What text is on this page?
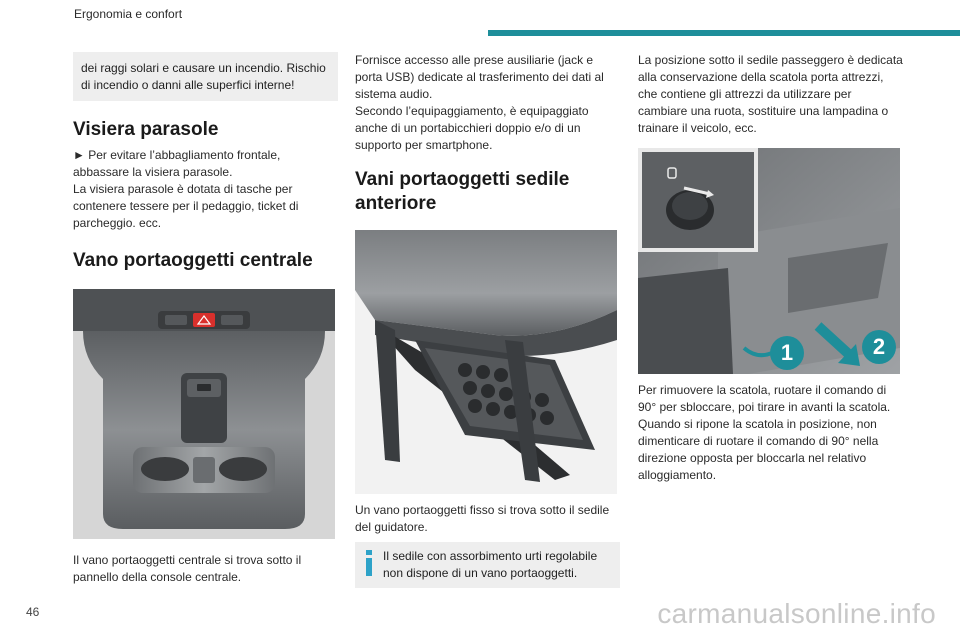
Ergonomia e confort
dei raggi solari e causare un incendio. Rischio di incendio o danni alle superfici interne!
Visiera parasole

► Per evitare l’abbagliamento frontale, abbassare la visiera parasole.

La visiera parasole è dotata di tasche per contenere tessere per il pedaggio, ticket di parcheggio. ecc.

Vano portaoggetti centrale

Il vano portaoggetti centrale si trova sotto il pannello della console centrale.

Fornisce accesso alle prese ausiliarie (jack e porta USB) dedicate al trasferimento dei dati al sistema audio.

Secondo l’equipaggiamento, è equipaggiato anche di un portabicchieri doppio e/o di un supporto per smartphone.

Vani portaoggetti sedile anteriore

Un vano portaoggetti fisso si trova sotto il sedile del guidatore.

Il sedile con assorbimento urti regolabile non dispone di un vano portaoggetti.

La posizione sotto il sedile passeggero è dedicata alla conservazione della scatola porta attrezzi, che contiene gli attrezzi da utilizzare per cambiare una ruota, sostituire una lampadina o trainare il veicolo, ecc.

1	2

Per rimuovere la scatola, ruotare il comando di 90° per sbloccare, poi tirare in avanti la scatola. Quando si ripone la scatola in posizione, non dimenticare di ruotare il comando di 90° nella direzione opposta per bloccarla nel relativo alloggiamento.

46	carmanualsonline.info
